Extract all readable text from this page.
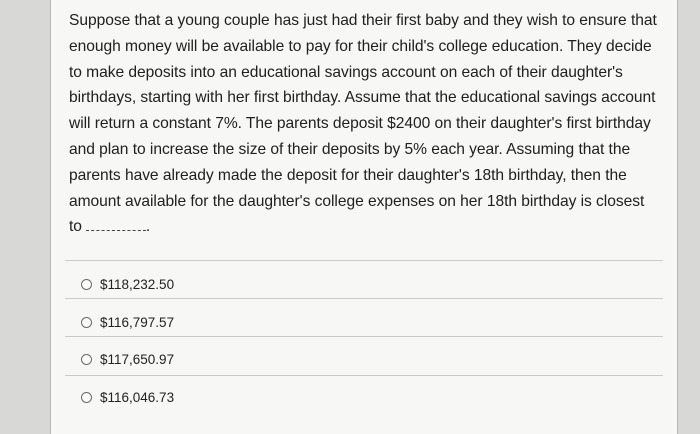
Suppose that a young couple has just had their first baby and they wish to ensure that enough money will be available to pay for their child's college education. They decide to make deposits into an educational savings account on each of their daughter's birthdays, starting with her first birthday. Assume that the educational savings account will return a constant 7%. The parents deposit $2400 on their daughter's first birthday and plan to increase the size of their deposits by 5% each year. Assuming that the parents have already made the deposit for their daughter's 18th birthday, then the amount available for the daughter's college expenses on her 18th birthday is closest to	.

$118,232.50
$116,797.57
$117,650.97
$116,046.73
